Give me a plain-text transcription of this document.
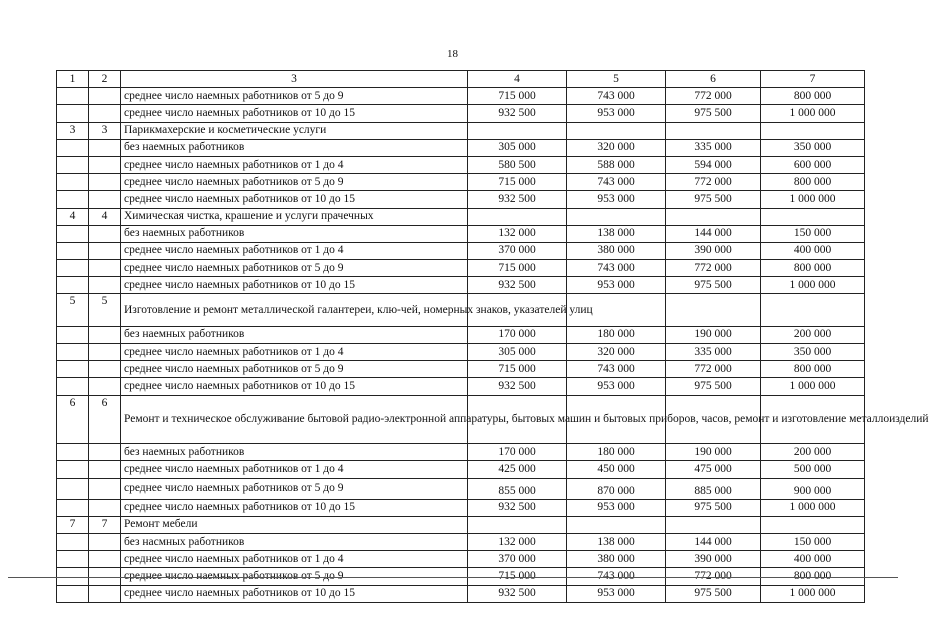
18
1	2	3	4	5	6	7
		среднее число наемных работников от 5 до 9	715 000	743 000	772 000	800 000
		среднее число наемных работников от 10 до 15	932 500	953 000	975 500	1 000 000
3	3	Парикмахерские и косметические услуги				
		без наемных работников	305 000	320 000	335 000	350 000
		среднее число наемных работников от 1 до 4	580 500	588 000	594 000	600 000
		среднее число наемных работников от 5 до 9	715 000	743 000	772 000	800 000
		среднее число наемных работников от 10 до 15	932 500	953 000	975 500	1 000 000
4	4	Химическая чистка, крашение и услуги прачечных				
		без наемных работников	132 000	138 000	144 000	150 000
		среднее число наемных работников от 1 до 4	370 000	380 000	390 000	400 000
		среднее число наемных работников от 5 до 9	715 000	743 000	772 000	800 000
		среднее число наемных работников от 10 до 15	932 500	953 000	975 500	1 000 000
5	5	Изготовление и ремонт металлической галантереи, клю-чей, номерных знаков, указателей улиц				
		без наемных работников	170 000	180 000	190 000	200 000
		среднее число наемных работников от 1 до 4	305 000	320 000	335 000	350 000
		среднее число наемных работников от 5 до 9	715 000	743 000	772 000	800 000
		среднее число наемных работников от 10 до 15	932 500	953 000	975 500	1 000 000
6	6	Ремонт и техническое обслуживание бытовой радио-электронной аппаратуры, бытовых машин и бытовых приборов, часов, ремонт и изготовление металлоизделий				
		без наемных работников	170 000	180 000	190 000	200 000
		среднее число наемных работников от 1 до 4	425 000	450 000	475 000	500 000
		среднее число наемных работников от 5 до 9	855 000	870 000	885 000	900 000
		среднее число наемных работников от 10 до 15	932 500	953 000	975 500	1 000 000
7	7	Ремонт мебели				
		без насмных работников	132 000	138 000	144 000	150 000
		среднее число наемных работников от 1 до 4	370 000	380 000	390 000	400 000
		среднее число наемных работников от 5 до 9	715 000	743 000	772 000	800 000
		среднее число наемных работников от 10 до 15	932 500	953 000	975 500	1 000 000
